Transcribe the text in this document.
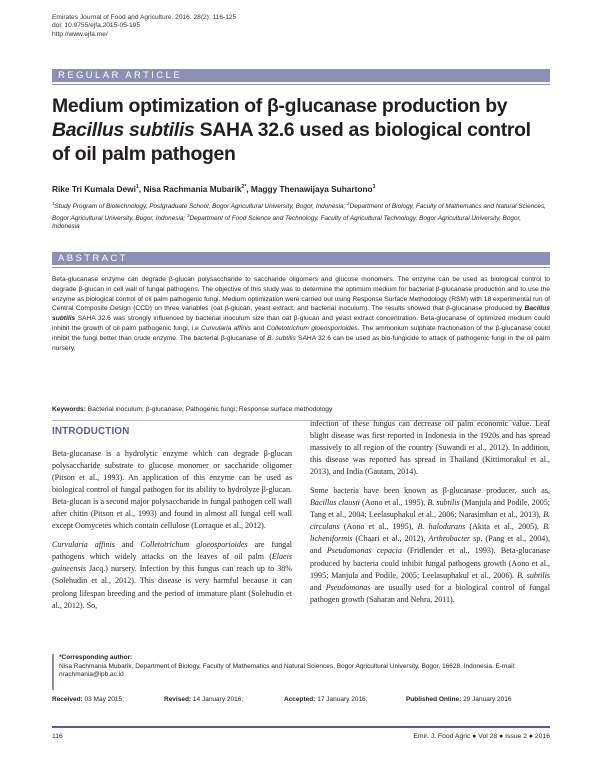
Emirates Journal of Food and Agriculture. 2016. 28(2): 116-125
doi: 10.9755/ejfa.2015-05-195
http://www.ejfa.me/
REGULAR ARTICLE
Medium optimization of β-glucanase production by
Bacillus subtilis SAHA 32.6 used as biological control
of oil palm pathogen
Rike Tri Kumala Dewi$^1$, Nisa Rachmania Mubarik$^{2*}$, Maggy Thenawijaya Suhartono$^3$
$^1$Study Program of Biotechnology, Postgraduate School, Bogor Agricultural University, Bogor, Indonesia; $^2$Department of Biology, Faculty of Mathematics and Natural Sciences, Bogor Agricultural University, Bogor, Indonesia; $^3$Department of Food Science and Technology, Faculty of Agricultural Technology, Bogor Agricultural University, Bogor, Indonesia
ABSTRACT

Beta-glucanase enzyme can degrade β-glucan polysaccharide to saccharide oligomers and glucose monomers. The enzyme can be used as biological control to degrade β-glucan in cell wall of fungal pathogens. The objective of this study was to determine the optimum medium for bacterial β-glucanase production and to use the enzyme as biological control of oil palm pathogenic fungi. Medium optimization were carried out using Response Surface Methodology (RSM) with 18 experimental run of Central Composite Design (CCD) on three variables (oat β-glucan, yeast extract, and bacterial inoculum). The results showed that β-glucanase produced by Bacillus subtilis SAHA 32.6 was strongly influenced by bacterial inoculum size than oat β-glucan and yeast extract concentration. Beta-glucanase of optimized medium could inhibit the growth of oil palm pathogenic fungi, i.e Curvularia affinis and Colletotrichum gloeosporioides. The ammonium sulphate fractionation of the β-glucanase could inhibit the fungi better than crude enzyme. The bacterial β-glucanase of B. subtilis SAHA 32.6 can be used as bio-fungicide to attack of pathogenic fungi in the oil palm nursery.

Keywords: Bacterial inoculum; β-glucanase; Pathogenic fungi; Response surface methodology
INTRODUCTION

Beta-glucanase is a hydrolytic enzyme which can degrade β-glucan polysaccharide substrate to glucose monomer or saccharide oligomer (Pitson et al., 1993). An application of this enzyme can be used as biological control of fungal pathogen for its ability to hydrolyze β-glucan. Beta-glucan is a second major polysaccharide in fungal pathogen cell wall after chitin (Pitson et al., 1993) and found in almost all fungal cell wall except Oomycetes which contain cellulose (Lorraque et al., 2012).

Curvularia affinis and Colletotrichum gloeosporioides are fungal pathogens which widely attacks on the leaves of oil palm (Elaeis guineensis Jacq.) nursery. Infection by this fungus can reach up to 38% (Solehudin et al., 2012). This disease is very harmful because it can prolong lifespan breeding and the period of immature plant (Solehudin et al., 2012). So,

infection of these fungus can decrease oil palm economic value. Leaf blight disease was first reported in Indonesia in the 1920s and has spread massively to all region of the country (Suwandi et al., 2012). In addition, this disease was reported has spread in Thailand (Kittimorakul et al., 2013), and India (Gautam, 2014).

Some bacteria have been known as β-glucanase producer, such as, Bacillus clausii (Aono et al., 1995), B. subtilis (Manjula and Podile, 2005; Tang et al., 2004; Leelasuphakul et al., 2006; Narasimhan et al., 2013), B. circulans (Aono et al., 1995), B. halodurans (Akita et al., 2005), B. licheniformis (Chaari et al., 2012), Arthrobacter sp. (Pang et al., 2004), and Pseudomonas cepacia (Fridlender et al., 1993). Beta-glucanase produced by bacteria could inhibit fungal pathogens growth (Aono et al., 1995; Manjula and Podile, 2005; Leelasuphakul et al., 2006). B. subtilis and Pseudomonas are usually used for a biological control of fungal pathogen growth (Saharan and Nehra, 2011).

*Corresponding author:
Nisa Rachmania Mubarik, Department of Biology, Faculty of Mathematics and Natural Sciences, Bogor Agricultural University, Bogor, 16628. Indonesia. E-mail: nrachmania@ipb.ac.id
Received: 03 May 2015;	Revised: 14 January 2016;	Accepted: 17 January 2016;	Published Online: 29 January 2016
116	Emir. J. Food Agric ● Vol 28 ● Issue 2 ● 2016
